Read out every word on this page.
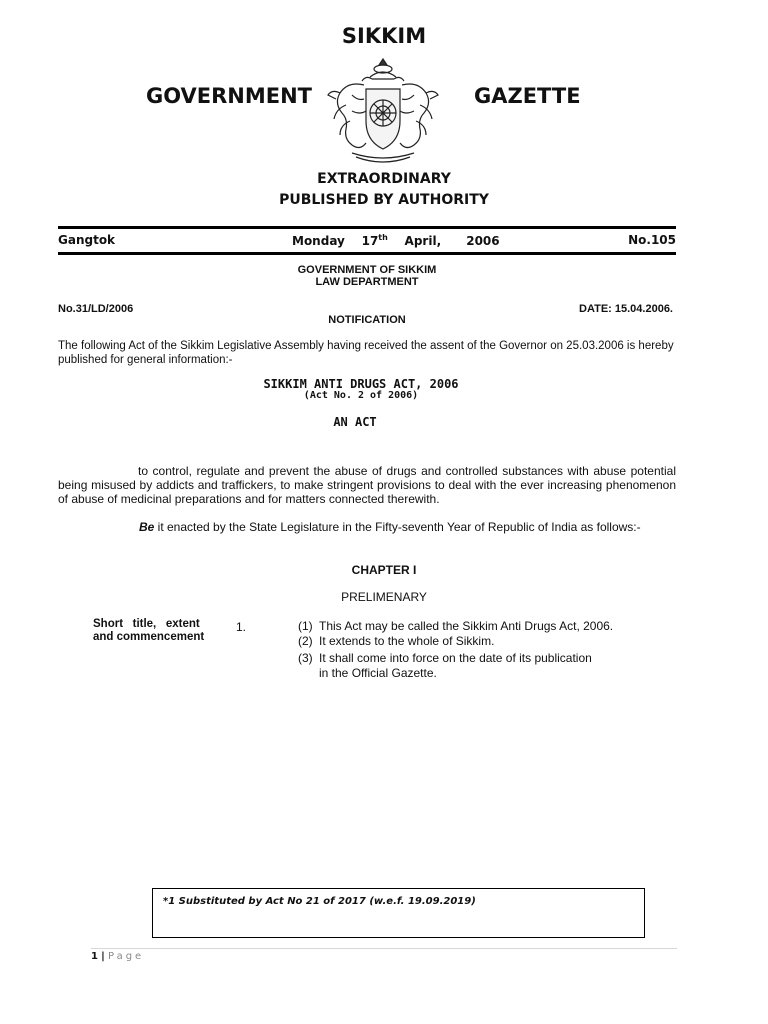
SIKKIM
GOVERNMENT	GAZETTE
EXTRAORDINARY
PUBLISHED BY AUTHORITY
Gangtok	Monday 17th April, 2006	No.105
GOVERNMENT OF SIKKIM
LAW DEPARTMENT
No.31/LD/2006	DATE: 15.04.2006.
NOTIFICATION
The following Act of the Sikkim Legislative Assembly having received the assent of the Governor on 25.03.2006 is hereby published for general information:-
SIKKIM ANTI DRUGS ACT, 2006
(Act No. 2 of 2006)
AN ACT
to control, regulate and prevent the abuse of drugs and controlled substances with abuse potential being misused by addicts and traffickers, to make stringent provisions to deal with the ever increasing phenomenon of abuse of medicinal preparations and for matters connected therewith.
Be it enacted by the State Legislature in the Fifty-seventh Year of Republic of India as follows:-
CHAPTER I
PRELIMENARY
Short   title,   extent
and commencement
1.	(1) This Act may be called the Sikkim Anti Drugs Act, 2006.
(2) It extends to the whole of Sikkim.
(3) It shall come into force on the date of its publication
in the Official Gazette.
*1 Substituted by Act No 21 of 2017 (w.e.f. 19.09.2019)
1 | Page
